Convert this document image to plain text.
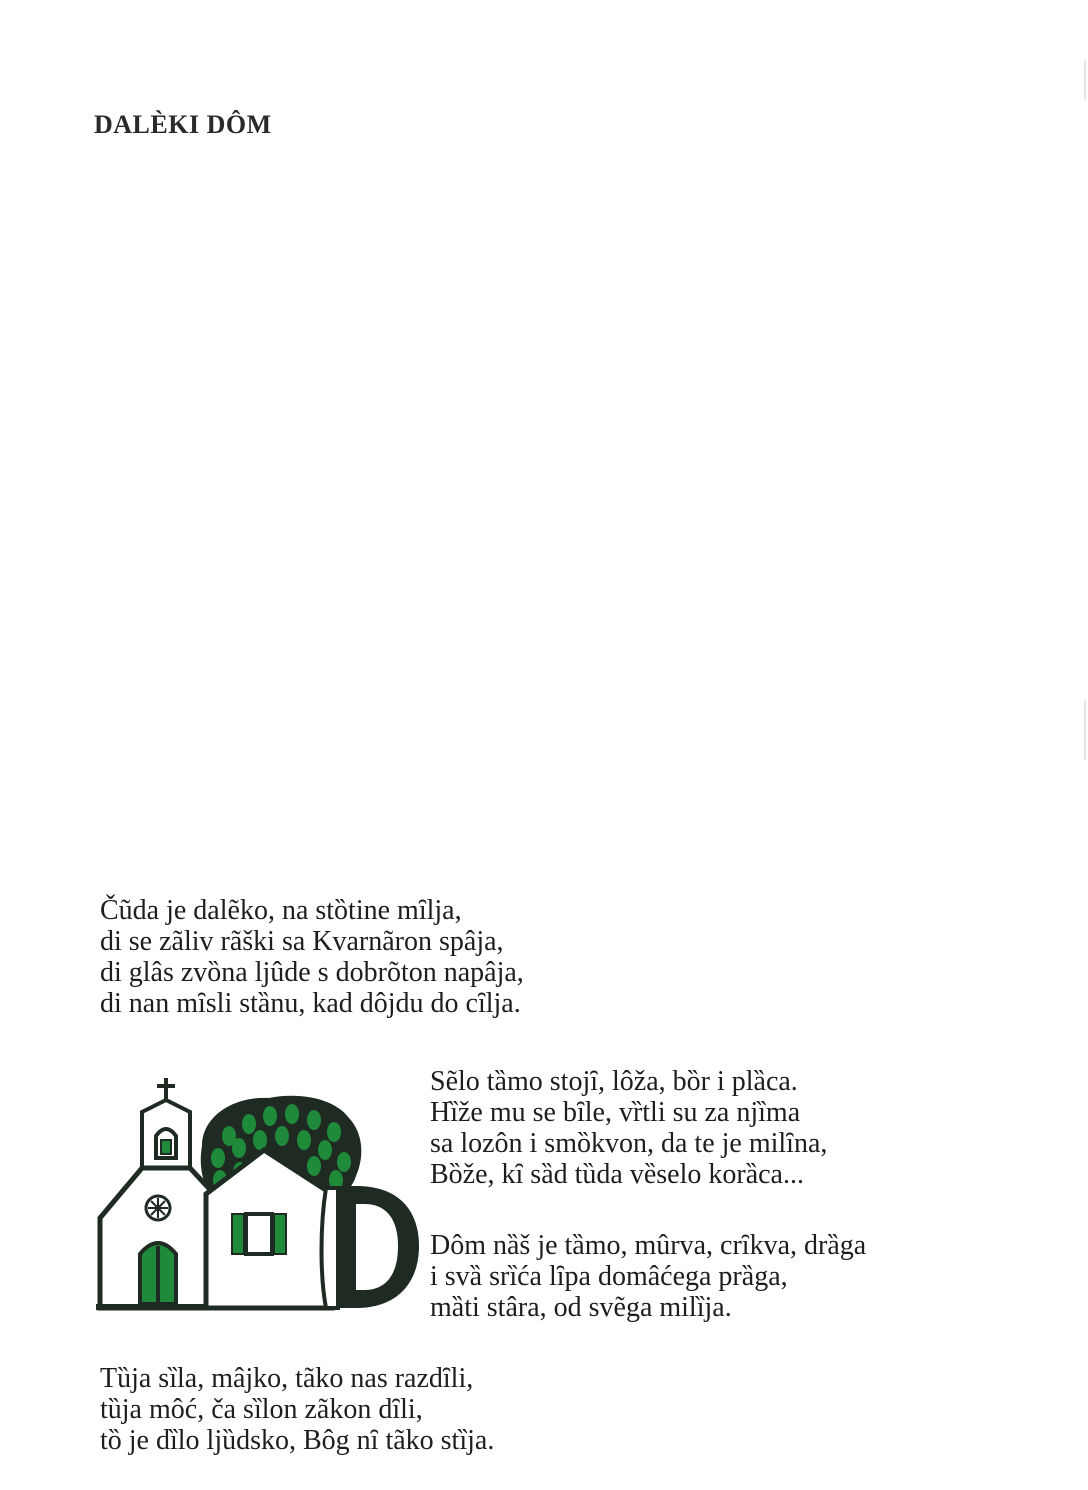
DALÈKI DÔM
Čũda je dalẽko, na stȍtine mȋlja,
di se zãliv rãški sa Kvarnãron spâja,
di glâs zvȍna ljûde s dobrõton napâja,
di nan mȋsli stȁnu, kad dôjdu do cȋlja.
Sẽlo tȁmo stojȋ, lôža, bȍr i plȁca.
Hȉže mu se bȋle, vȑtli su za njȉma
sa lozôn i smȍkvon, da te je milȋna,
Bȍže, kȋ sȁd tȕda vȅselo korȁca...
Dôm nȁš je tȁmo, mûrva, crȋkva, drȁga
i svȁ srȉća lȋpa domâćega prȁga,
mȁti stâra, od svẽga milȉja.
Tȕja sȉla, mâjko, tãko nas razdȋli,
tȕja môć, ča sȉlon zãkon dȋli,
tȍ je dȉlo ljȕdsko, Bôg nȋ tãko stȉja.
